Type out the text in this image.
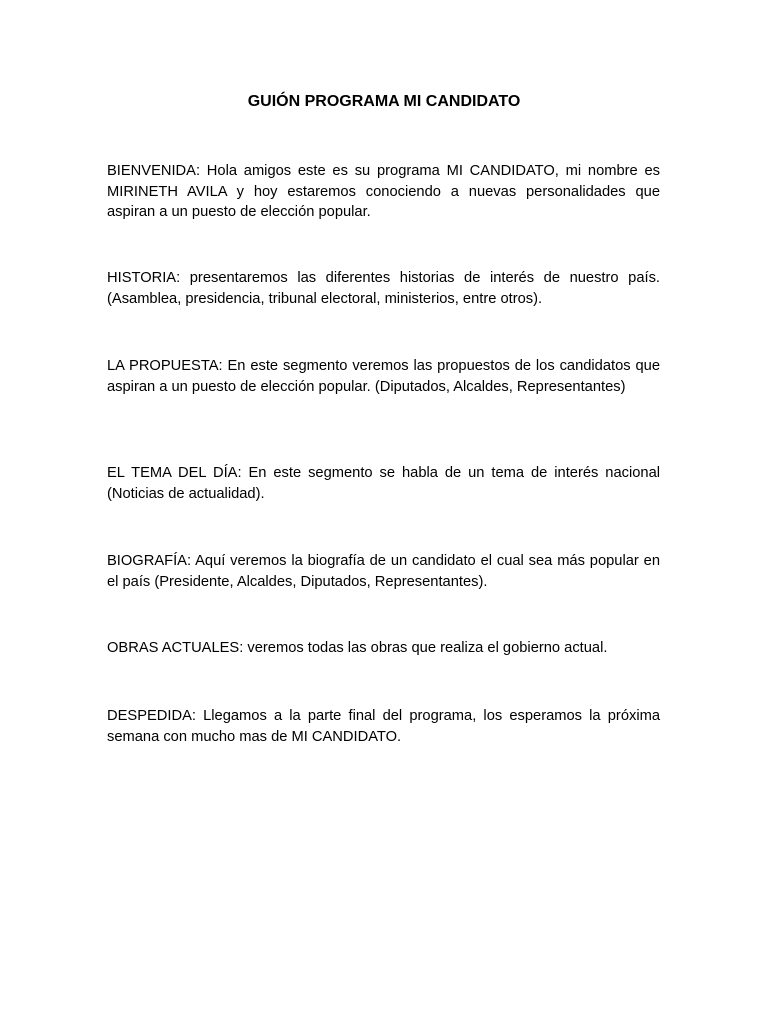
GUIÓN PROGRAMA MI CANDIDATO

BIENVENIDA: Hola amigos este es su programa MI CANDIDATO, mi nombre es MIRINETH AVILA y hoy estaremos conociendo a nuevas personalidades que aspiran a un puesto de elección popular.

HISTORIA: presentaremos las diferentes historias de interés de nuestro país. (Asamblea, presidencia, tribunal electoral, ministerios, entre otros).

LA PROPUESTA: En este segmento veremos las propuestos de los candidatos que aspiran a un puesto de elección popular. (Diputados, Alcaldes, Representantes)

EL TEMA DEL DÍA: En este segmento se habla de un tema de interés nacional (Noticias de actualidad).

BIOGRAFÍA: Aquí veremos la biografía de un candidato el cual sea más popular en el país (Presidente, Alcaldes, Diputados, Representantes).

OBRAS ACTUALES: veremos todas las obras que realiza el gobierno actual.

DESPEDIDA: Llegamos a la parte final del programa, los esperamos la próxima semana con mucho mas de MI CANDIDATO.
